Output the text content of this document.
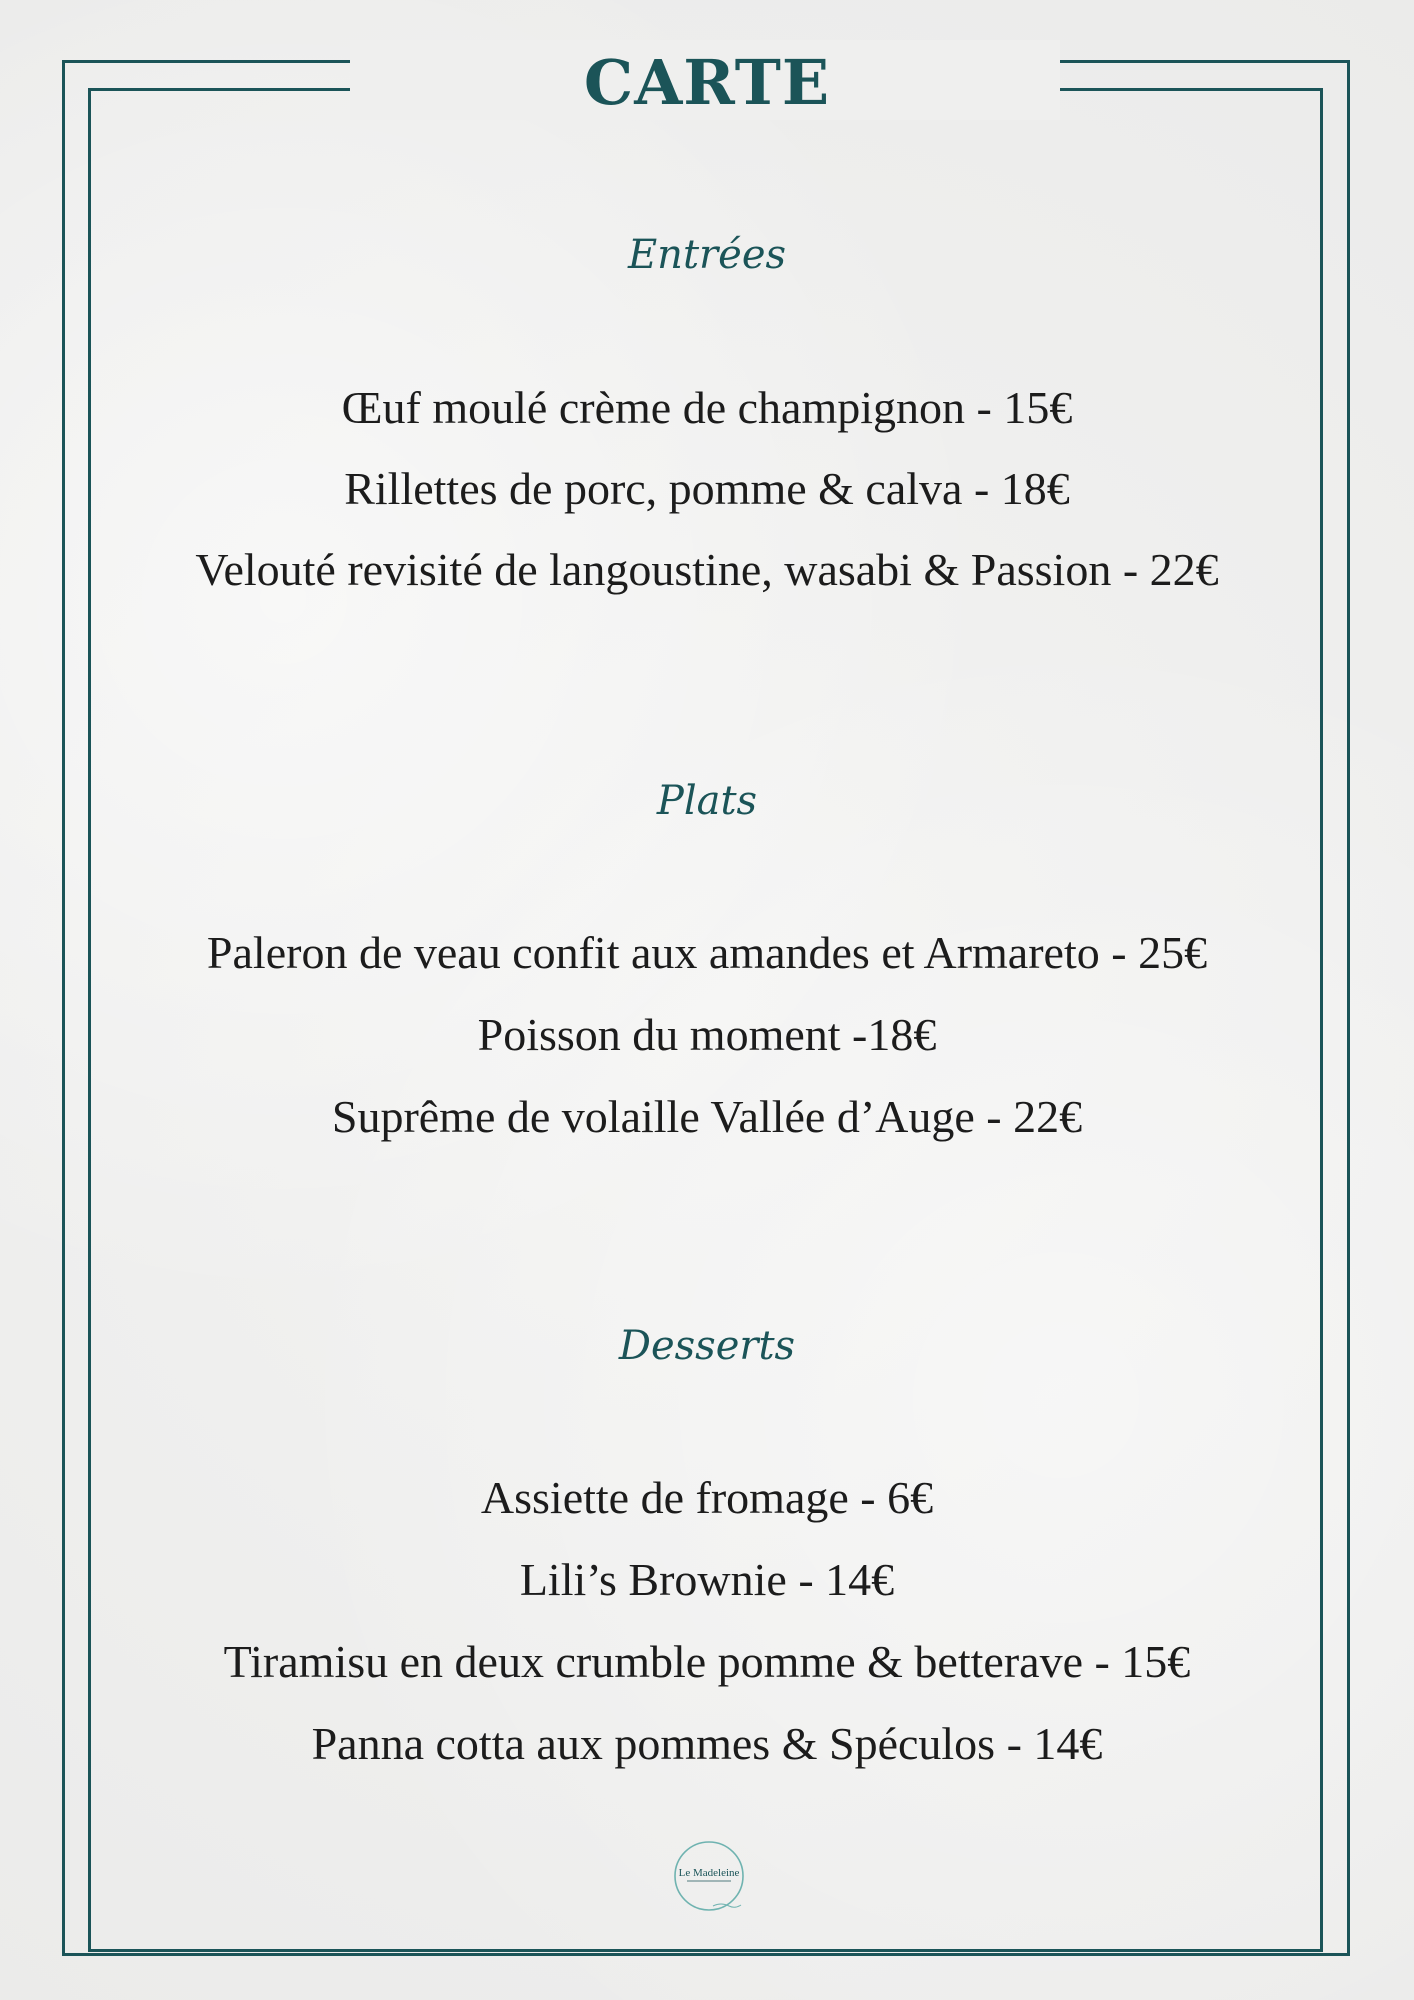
CARTE
Entrées
Œuf moulé crème de champignon - 15€
Rillettes de porc, pomme & calva - 18€
Velouté revisité de langoustine, wasabi & Passion - 22€
Plats
Paleron de veau confit aux amandes et Armareto - 25€
Poisson du moment -18€
Suprême de volaille Vallée d’Auge - 22€
Desserts
Assiette de fromage - 6€
Lili’s Brownie - 14€
Tiramisu en deux crumble pomme & betterave - 15€
Panna cotta aux pommes & Spéculos - 14€
Le Madeleine
